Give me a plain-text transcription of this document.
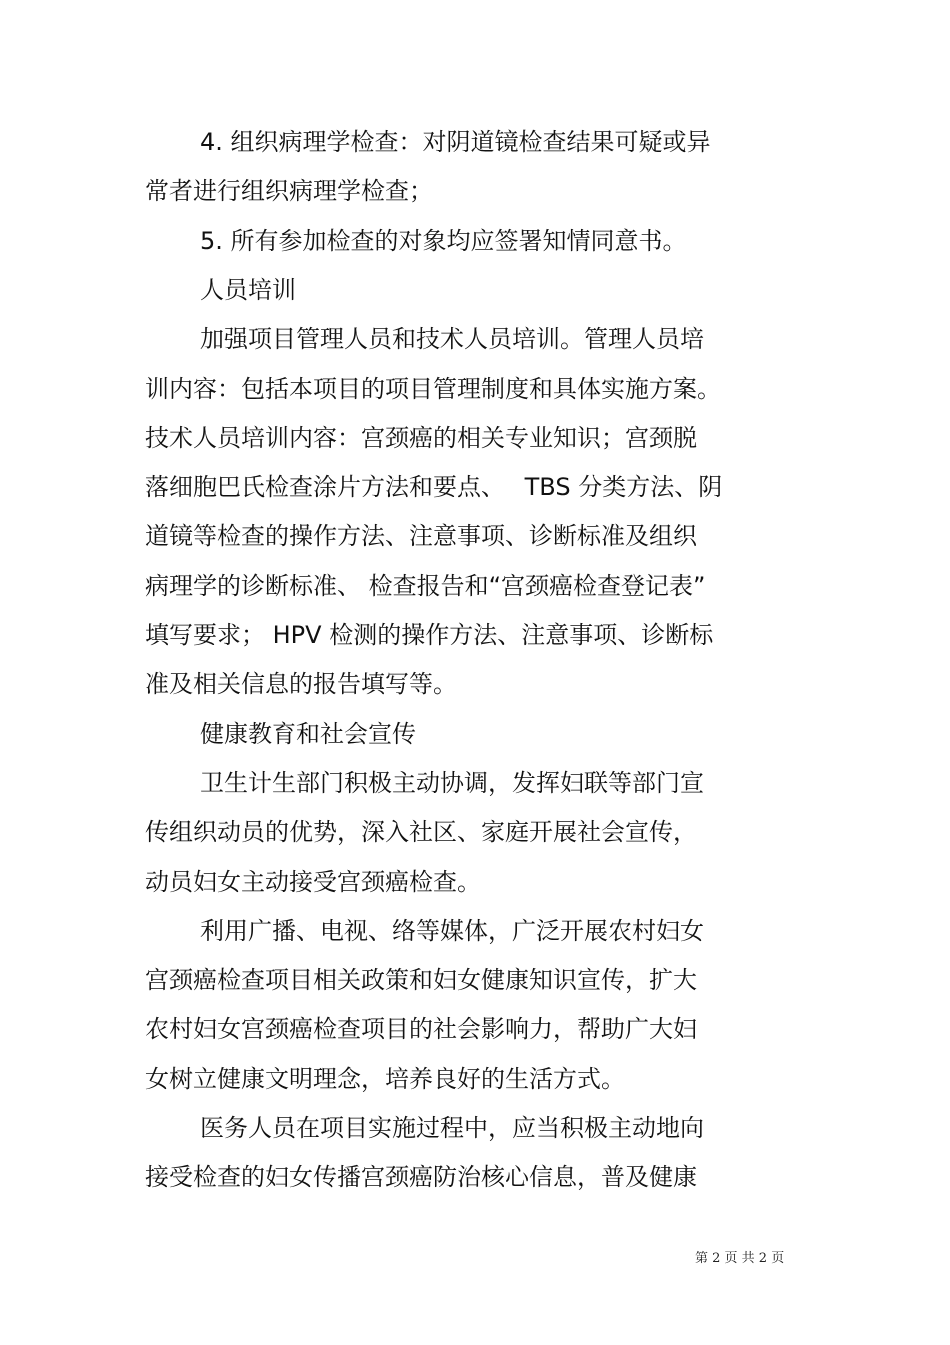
4. 组织病理学检查：对阴道镜检查结果可疑或异
常者进行组织病理学检查；
5. 所有参加检查的对象均应签署知情同意书。
人员培训
加强项目管理人员和技术人员培训。管理人员培
训内容：包括本项目的项目管理制度和具体实施方案。
技术人员培训内容：宫颈癌的相关专业知识；宫颈脱
落细胞巴氏检查涂片方法和要点、　 TBS 分类方法、阴
道镜等检查的操作方法、注意事项、诊断标准及组织
病理学的诊断标准、 检查报告和“宫颈癌检查登记表”
填写要求； HPV 检测的操作方法、注意事项、诊断标
准及相关信息的报告填写等。
健康教育和社会宣传
卫生计生部门积极主动协调，发挥妇联等部门宣
传组织动员的优势，深入社区、家庭开展社会宣传，
动员妇女主动接受宫颈癌检查。
利用广播、电视、络等媒体，广泛开展农村妇女
宫颈癌检查项目相关政策和妇女健康知识宣传，扩大
农村妇女宫颈癌检查项目的社会影响力，帮助广大妇
女树立健康文明理念，培养良好的生活方式。
医务人员在项目实施过程中，应当积极主动地向
接受检查的妇女传播宫颈癌防治核心信息，普及健康
第 2 页 共 2 页
